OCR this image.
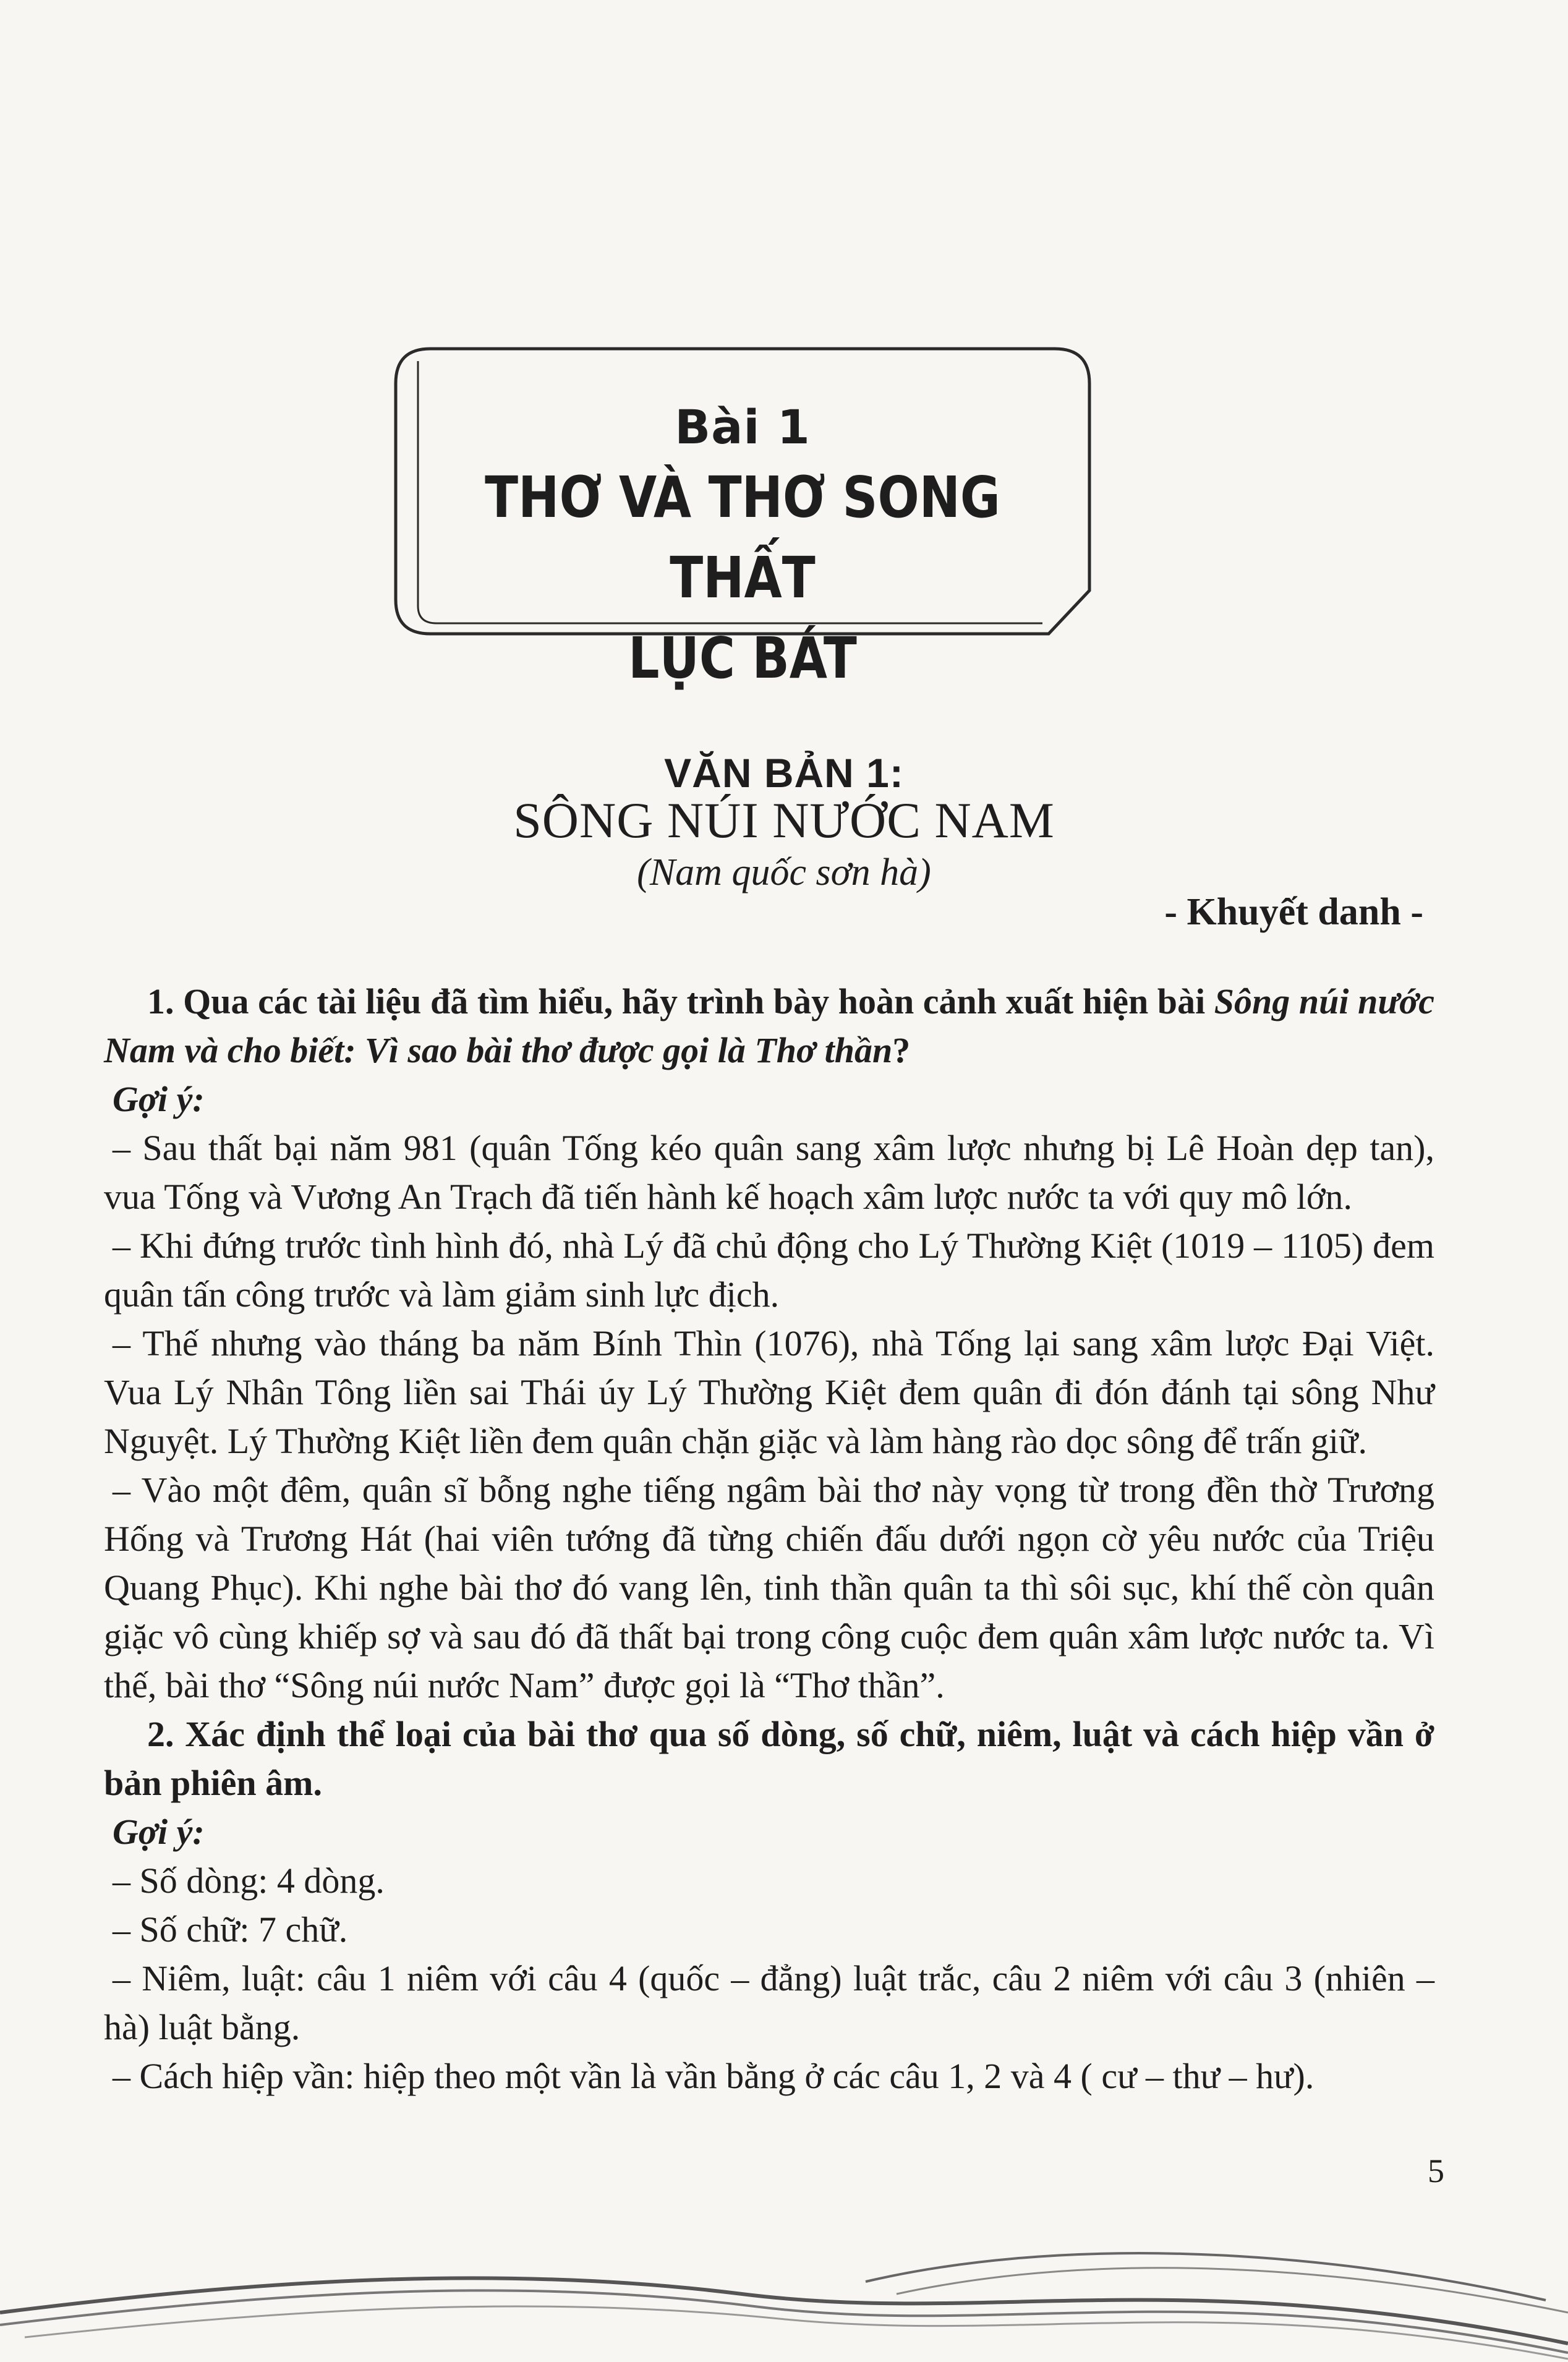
Bài 1
THƠ VÀ THƠ SONG THẤT
LỤC BÁT
VĂN BẢN 1:
SÔNG NÚI NƯỚC NAM
(Nam quốc sơn hà)
- Khuyết danh -

1. Qua các tài liệu đã tìm hiểu, hãy trình bày hoàn cảnh xuất hiện bài Sông núi nước Nam và cho biết: Vì sao bài thơ được gọi là Thơ thần?

Gợi ý:

– Sau thất bại năm 981 (quân Tống kéo quân sang xâm lược nhưng bị Lê Hoàn dẹp tan), vua Tống và Vương An Trạch đã tiến hành kế hoạch xâm lược nước ta với quy mô lớn.

– Khi đứng trước tình hình đó, nhà Lý đã chủ động cho Lý Thường Kiệt (1019 – 1105) đem quân tấn công trước và làm giảm sinh lực địch.

– Thế nhưng vào tháng ba năm Bính Thìn (1076), nhà Tống lại sang xâm lược Đại Việt. Vua Lý Nhân Tông liền sai Thái úy Lý Thường Kiệt đem quân đi đón đánh tại sông Như Nguyệt. Lý Thường Kiệt liền đem quân chặn giặc và làm hàng rào dọc sông để trấn giữ.

– Vào một đêm, quân sĩ bỗng nghe tiếng ngâm bài thơ này vọng từ trong đền thờ Trương Hống và Trương Hát (hai viên tướng đã từng chiến đấu dưới ngọn cờ yêu nước của Triệu Quang Phục). Khi nghe bài thơ đó vang lên, tinh thần quân ta thì sôi sục, khí thế còn quân giặc vô cùng khiếp sợ và sau đó đã thất bại trong công cuộc đem quân xâm lược nước ta. Vì thế, bài thơ “Sông núi nước Nam” được gọi là “Thơ thần”.

2. Xác định thể loại của bài thơ qua số dòng, số chữ, niêm, luật và cách hiệp vần ở bản phiên âm.

Gợi ý:

– Số dòng: 4 dòng.

– Số chữ: 7 chữ.

– Niêm, luật: câu 1 niêm với câu 4 (quốc – đẳng) luật trắc, câu 2 niêm với câu 3 (nhiên – hà) luật bằng.

– Cách hiệp vần: hiệp theo một vần là vần bằng ở các câu 1, 2 và 4 ( cư – thư – hư).

5
